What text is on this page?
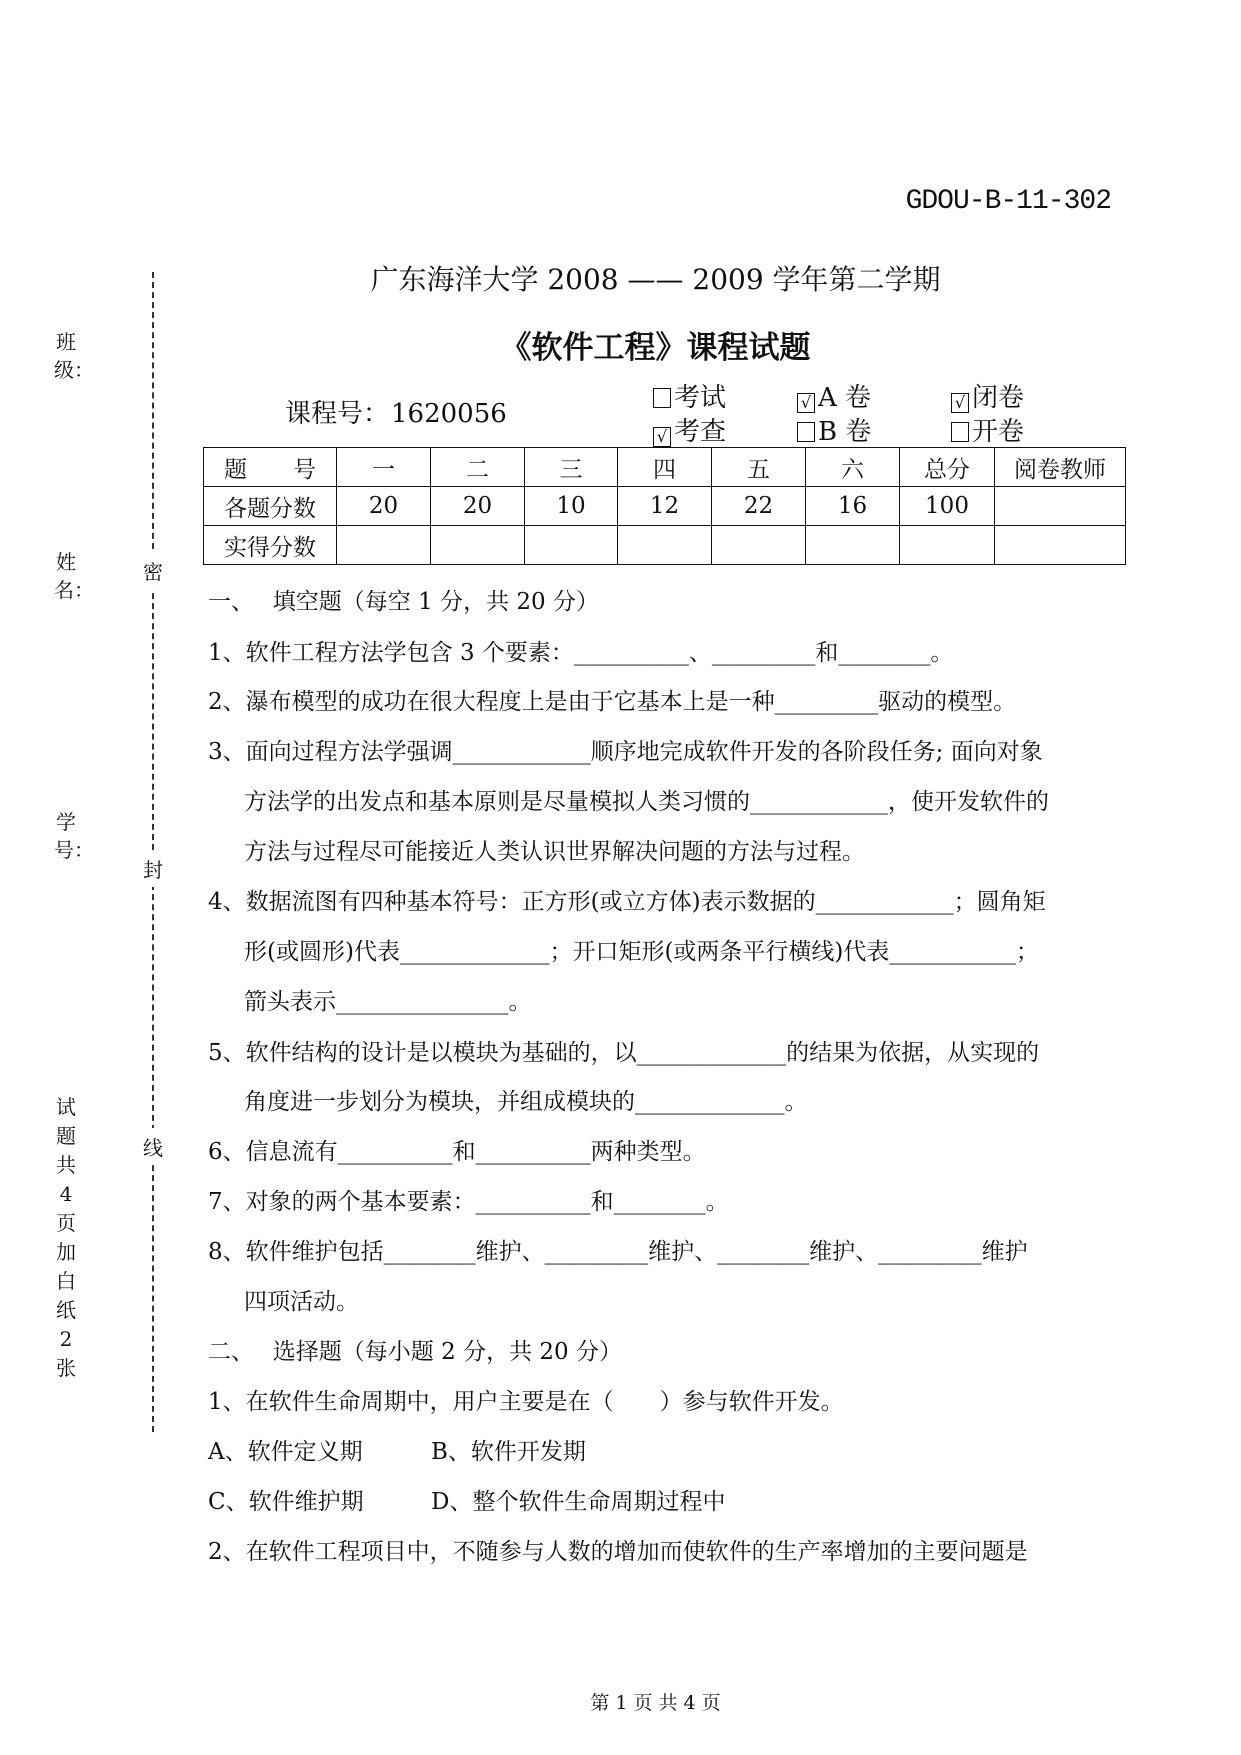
GDOU-B-11-302
广东海洋大学 2008 —— 2009 学年第二学期
《软件工程》课程试题
课程号：1620056
考试	√ A 卷	√ 闭卷
√ 考查	B 卷	开卷
班级：
姓名：
学号：
试题共 4 页 加白纸 2 张
密
封
线
题　　号	一	二	三	四	五	六	总分	阅卷教师
各题分数	20	20	10	12	22	16	100	
实得分数								
一、　 填空题（每空 1 分，共 20 分）
1、软件工程方法学包含 3 个要素：__________、_________和________。
2、瀑布模型的成功在很大程度上是由于它基本上是一种_________驱动的模型。
3、面向过程方法学强调____________顺序地完成软件开发的各阶段任务; 面向对象
方法学的出发点和基本原则是尽量模拟人类习惯的____________，使开发软件的
方法与过程尽可能接近人类认识世界解决问题的方法与过程。
4、数据流图有四种基本符号：正方形(或立方体)表示数据的____________；圆角矩
形(或圆形)代表_____________；开口矩形(或两条平行横线)代表___________；
箭头表示_______________。
5、软件结构的设计是以模块为基础的，以_____________的结果为依据，从实现的
角度进一步划分为模块，并组成模块的_____________。
6、信息流有__________和__________两种类型。
7、对象的两个基本要素：__________和________。
8、软件维护包括________维护、_________维护、________维护、_________维护
四项活动。
二、　 选择题（每小题 2 分，共 20 分）
1、在软件生命周期中，用户主要是在（　　）参与软件开发。
A、软件定义期	B、软件开发期
C、软件维护期	D、整个软件生命周期过程中
2、在软件工程项目中，不随参与人数的增加而使软件的生产率增加的主要问题是
第 1 页 共 4 页
